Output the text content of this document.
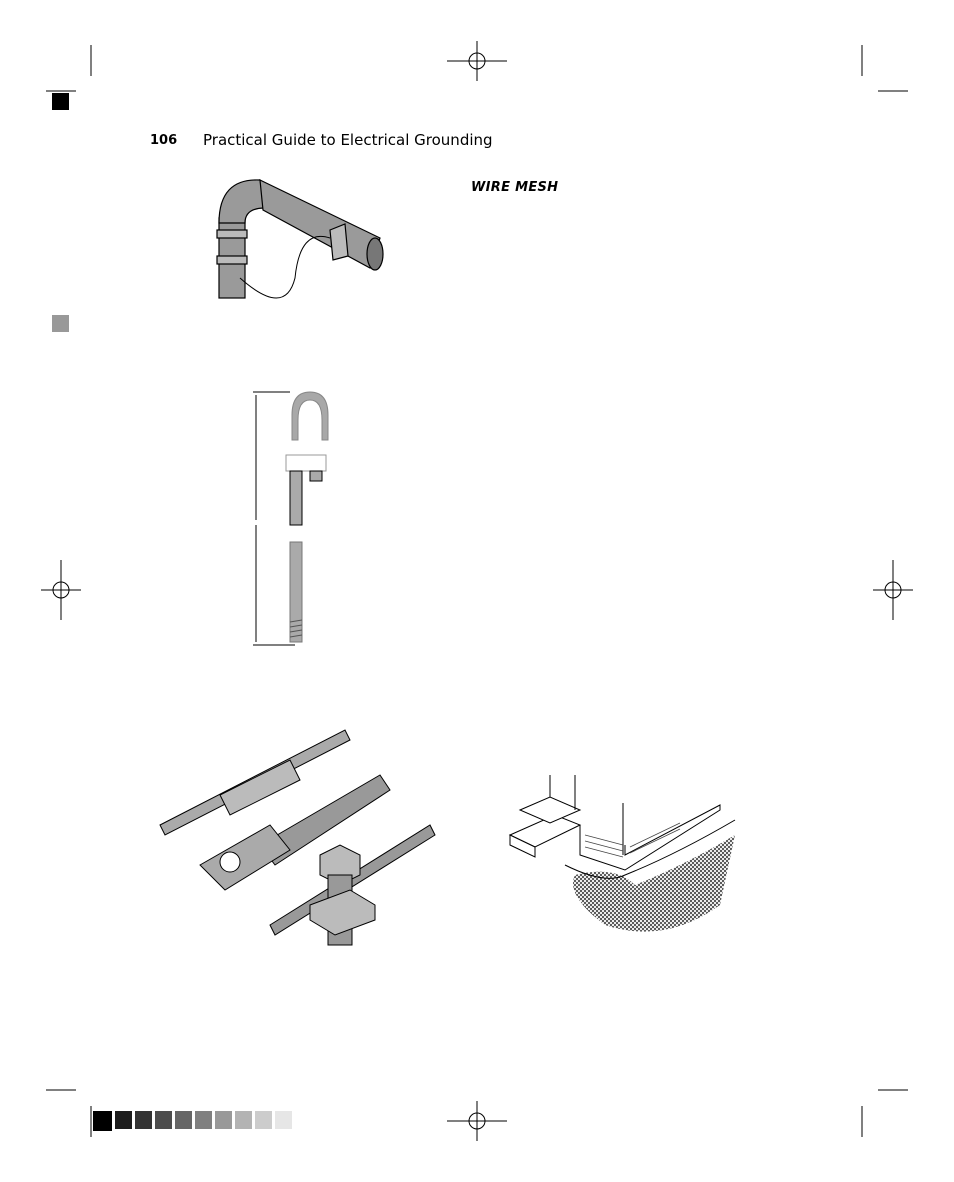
106 Practical Guide to Electrical Grounding
WIRE MESH
